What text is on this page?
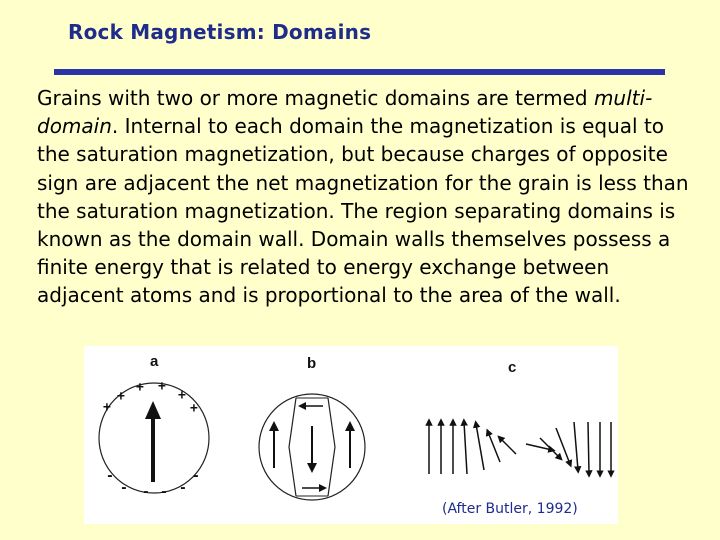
Rock Magnetism: Domains

Grains with two or more magnetic domains are termed multi-domain. Internal to each domain the magnetization is equal to the saturation magnetization, but because charges of opposite sign are adjacent the net magnetization for the grain is less than the saturation magnetization. The region separating domains is known as the domain wall. Domain walls themselves possess a finite energy that is related to energy exchange between adjacent atoms and is proportional to the area of the wall.

a
+
+ +
+
+
+
-
- - - -
-
b	c
(After Butler, 1992)
